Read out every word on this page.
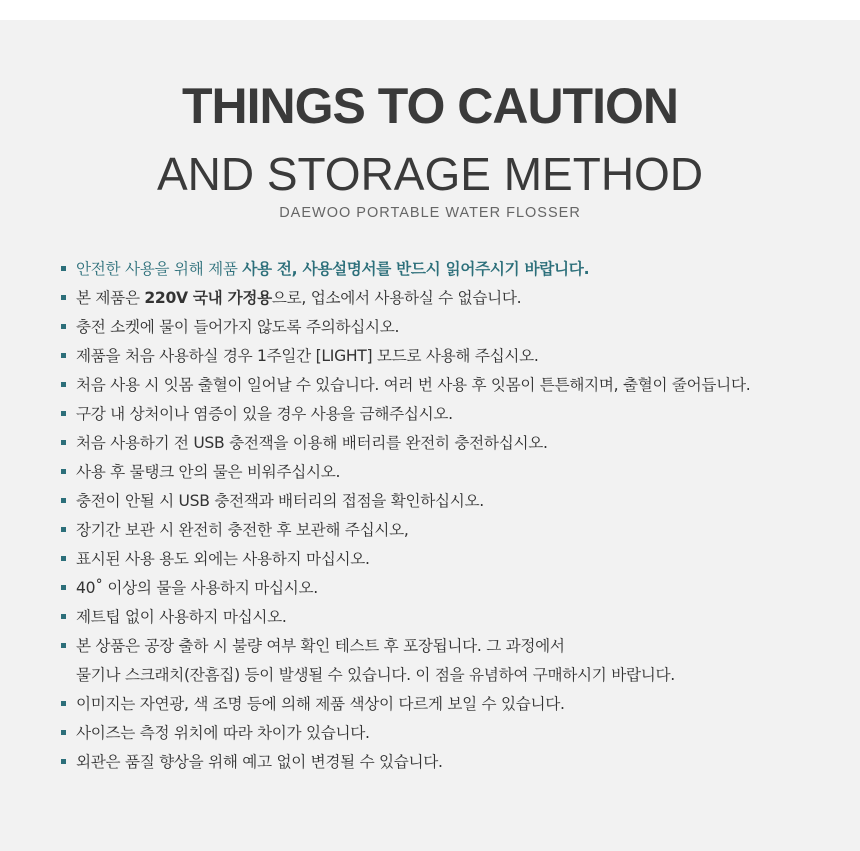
THINGS TO CAUTION
AND STORAGE METHOD
DAEWOO PORTABLE WATER FLOSSER
안전한 사용을 위해 제품 사용 전, 사용설명서를 반드시 읽어주시기 바랍니다.
본 제품은 220V 국내 가정용으로, 업소에서 사용하실 수 없습니다.
충전 소켓에 물이 들어가지 않도록 주의하십시오.
제품을 처음 사용하실 경우 1주일간 [LIGHT] 모드로 사용해 주십시오.
처음 사용 시 잇몸 출혈이 일어날 수 있습니다. 여러 번 사용 후 잇몸이 튼튼해지며, 출혈이 줄어듭니다.
구강 내 상처이나 염증이 있을 경우 사용을 금해주십시오.
처음 사용하기 전 USB 충전잭을 이용해 배터리를 완전히 충전하십시오.
사용 후 물탱크 안의 물은 비워주십시오.
충전이 안될 시 USB 충전잭과 배터리의 접점을 확인하십시오.
장기간 보관 시 완전히 충전한 후 보관해 주십시오,
표시된 사용 용도 외에는 사용하지 마십시오.
40˚ 이상의 물을 사용하지 마십시오.
제트팁 없이 사용하지 마십시오.
본 상품은 공장 출하 시 불량 여부 확인 테스트 후 포장됩니다. 그 과정에서
물기나 스크래치(잔흠집) 등이 발생될 수 있습니다. 이 점을 유념하여 구매하시기 바랍니다.
이미지는 자연광, 색 조명 등에 의해 제품 색상이 다르게 보일 수 있습니다.
사이즈는 측정 위치에 따라 차이가 있습니다.
외관은 품질 향상을 위해 예고 없이 변경될 수 있습니다.
